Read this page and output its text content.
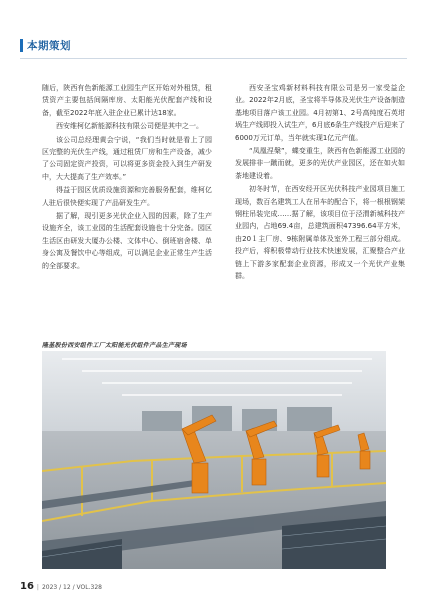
本期策划

随后，陕西有色新能源工业园生产区开始对外租赁，租赁资产主要包括间隔库房、太阳能光伏配套产线和设备，截至2022年底入驻企业已累计达18家。

西安维柯亿新能源科技有限公司便是其中之一。

该公司总经理黄会宁说，“我们当时就是看上了园区完整的光伏生产线，通过租赁厂房和生产设备，减少了公司固定资产投资，可以将更多资金投入到生产研发中，大大提高了生产效率。”

得益于园区优质设施资源和完善服务配套，维柯亿人驻后很快便实现了产品研发生产。

据了解，现引更多光伏企业入园的因素，除了生产设施齐全，该工业园的生活配套设施也十分完备。园区生活区由研发大厦办公楼、文体中心、倒班宿舍楼、单身公寓及餐饮中心等组成，可以满足企业正常生产生活的全部要求。

西安圣宝鸡新材料科技有限公司是另一家受益企业。2022年2月底，圣宝将半导体及光伏生产设备制造基地项目落户该工业园。4月初第1、2号高纯度石英坩埚生产线即投入试生产，6月底6条生产线投产后迎来了6000万元订单，当年就实现1亿元产值。

“凤凰涅槃”，蝶变重生，陕西有色新能源工业园的发展排非一蹴而就，更多的光伏产业园区，还在如火如茶地建设着。

初冬时节，在西安经开区光伏科技产业园项目施工现场，数百名建筑工人在吊车的配合下，将一根根钢架钢柱吊装完成……据了解，该项目位于泾渭新城科技产业园内，占地69.4亩，总建筑面积47396.64平方米，由20１主厂房、9栋附属单体及室外工程三部分组成。投产后，将积极带动行业技术快速发展，汇聚整合产业链上下游多家配套企业资源，形成又一个光伏产业集群。

隆基股份西安组件工厂太阳能光伏组件产品生产现场
16 | 2023 / 12 / VOL.328
